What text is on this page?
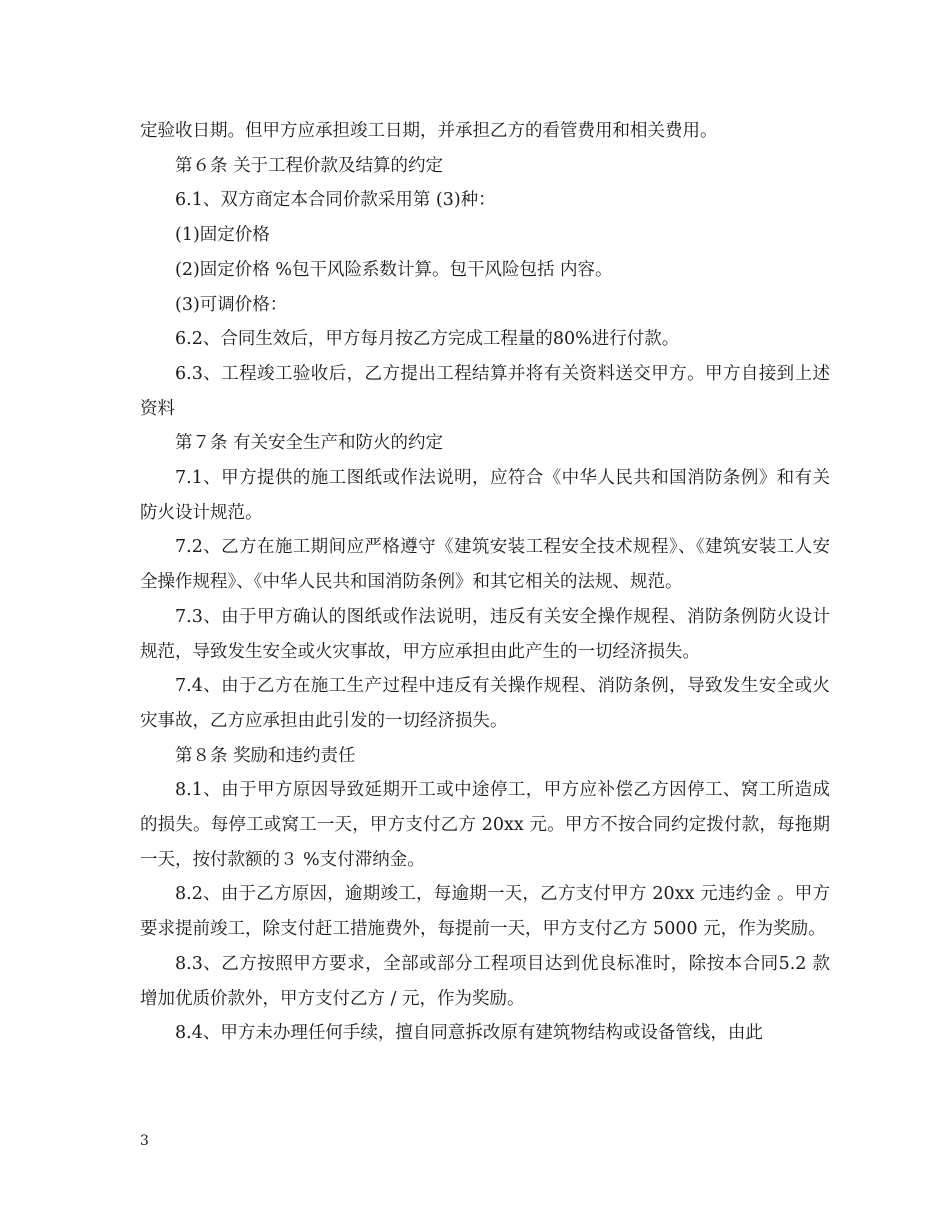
定验收日期。但甲方应承担竣工日期，并承担乙方的看管费用和相关费用。

第６条 关于工程价款及结算的约定

6.1、双方商定本合同价款采用第 (3)种：

(1)固定价格

(2)固定价格 %包干风险系数计算。包干风险包括 内容。

(3)可调价格：

6.2、合同生效后，甲方每月按乙方完成工程量的80%进行付款。

6.3、工程竣工验收后，乙方提出工程结算并将有关资料送交甲方。甲方自接到上述资料

第７条 有关安全生产和防火的约定

7.1、甲方提供的施工图纸或作法说明，应符合《中华人民共和国消防条例》和有关防火设计规范。

7.2、乙方在施工期间应严格遵守《建筑安装工程安全技术规程》、《建筑安装工人安全操作规程》、《中华人民共和国消防条例》和其它相关的法规、规范。

7.3、由于甲方确认的图纸或作法说明，违反有关安全操作规程、消防条例防火设计规范，导致发生安全或火灾事故，甲方应承担由此产生的一切经济损失。

7.4、由于乙方在施工生产过程中违反有关操作规程、消防条例，导致发生安全或火灾事故，乙方应承担由此引发的一切经济损失。

第８条 奖励和违约责任

8.1、由于甲方原因导致延期开工或中途停工，甲方应补偿乙方因停工、窝工所造成的损失。每停工或窝工一天，甲方支付乙方 20xx 元。甲方不按合同约定拨付款，每拖期一天，按付款额的３ %支付滞纳金。

8.2、由于乙方原因，逾期竣工，每逾期一天，乙方支付甲方 20xx 元违约金 。甲方要求提前竣工，除支付赶工措施费外，每提前一天，甲方支付乙方 5000 元，作为奖励。

8.3、乙方按照甲方要求，全部或部分工程项目达到优良标准时，除按本合同5.2 款增加优质价款外，甲方支付乙方 / 元，作为奖励。

8.4、甲方未办理任何手续，擅自同意拆改原有建筑物结构或设备管线，由此

3
